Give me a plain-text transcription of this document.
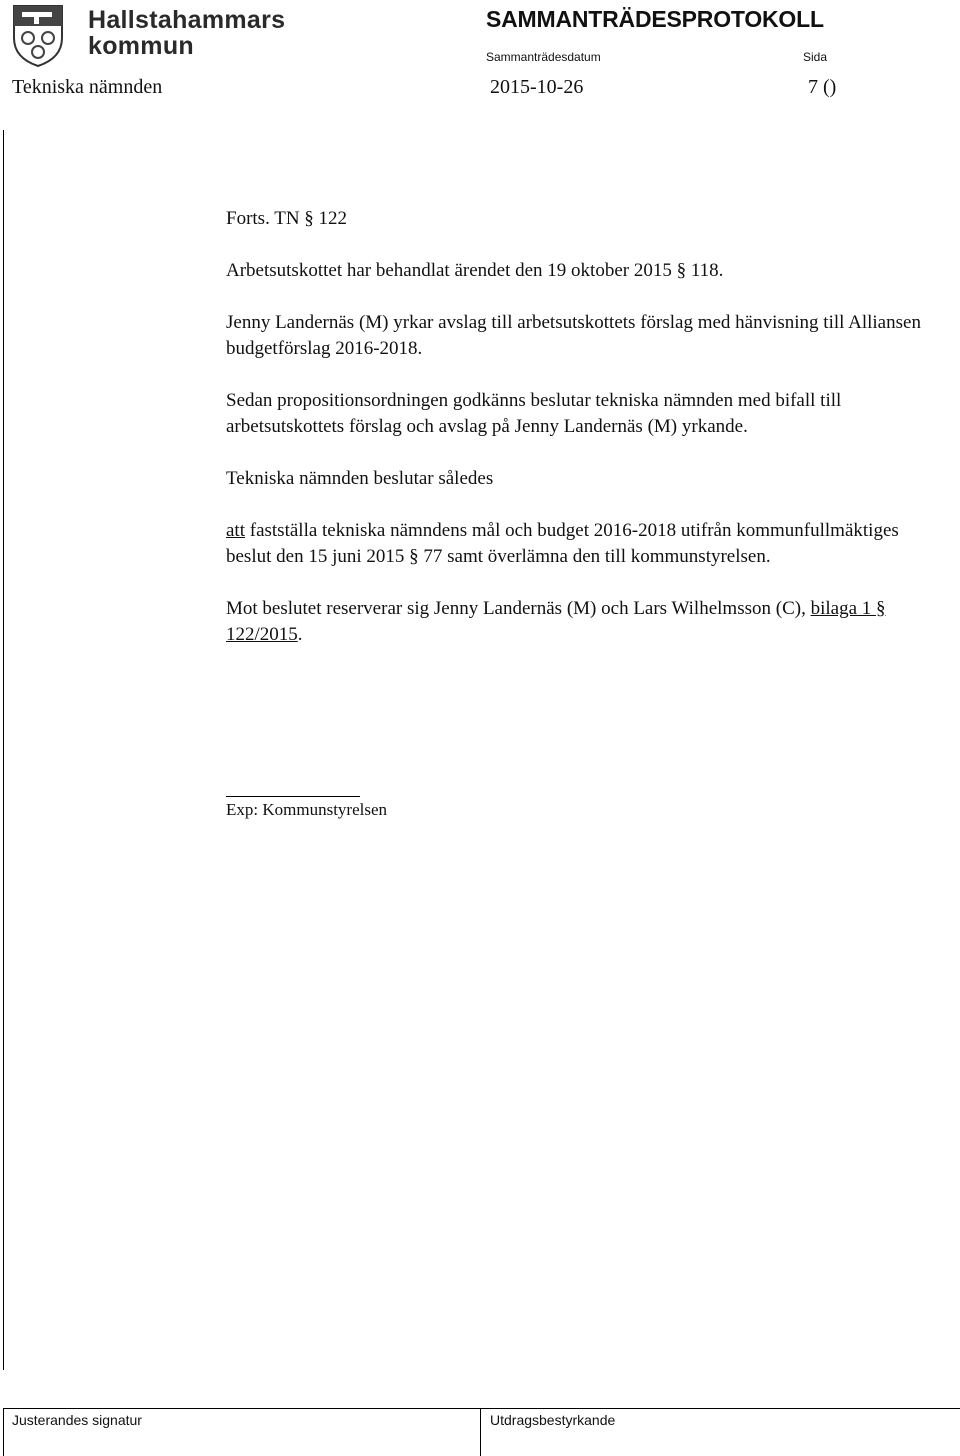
Hallstahammars
kommun
SAMMANTRÄDESPROTOKOLL
Sammanträdesdatum	Sida
Tekniska nämnden	2015-10-26	7 ()

Forts. TN § 122

Arbetsutskottet har behandlat ärendet den 19 oktober 2015 § 118.

Jenny Landernäs (M) yrkar avslag till arbetsutskottets förslag med hänvisning till Alliansen budgetförslag 2016-2018.

Sedan propositionsordningen godkänns beslutar tekniska nämnden med bifall till arbetsutskottets förslag och avslag på Jenny Landernäs (M) yrkande.

Tekniska nämnden beslutar således

att fastställa tekniska nämndens mål och budget 2016-2018 utifrån kommunfullmäktiges beslut den 15 juni 2015 § 77 samt överlämna den till kommunstyrelsen.

Mot beslutet reserverar sig Jenny Landernäs (M) och Lars Wilhelmsson (C), bilaga 1 § 122/2015.

Exp: Kommunstyrelsen
Justerandes signatur	Utdragsbestyrkande
